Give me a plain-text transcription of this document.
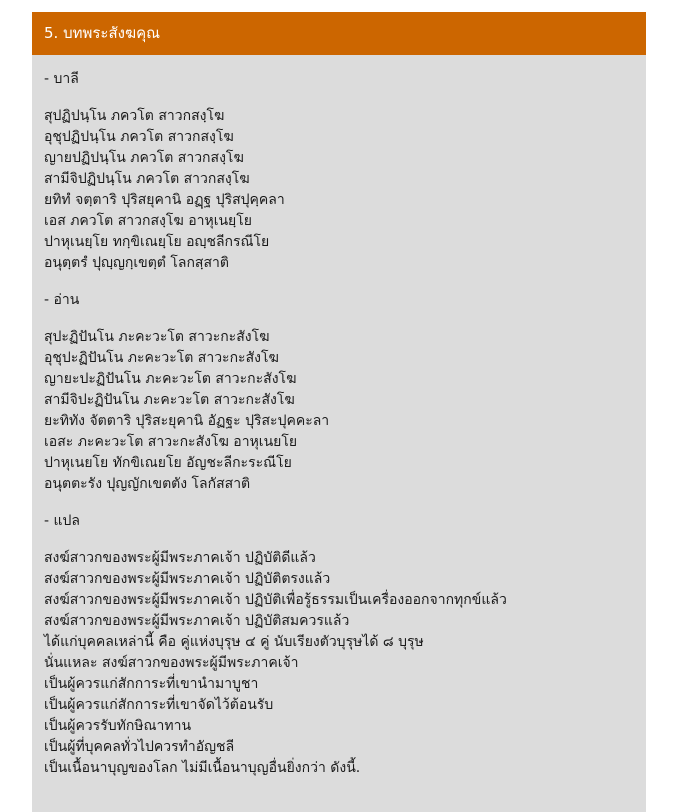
5. บทพระสังฆคุณ
- บาลี
สุปฏิปนฺโน ภควโต สาวกสงฺโฆ
อุชุปฏิปนฺโน ภควโต สาวกสงฺโฆ
ญายปฏิปนฺโน ภควโต สาวกสงฺโฆ
สามีจิปฏิปนฺโน ภควโต สาวกสงฺโฆ
ยทิทํ จตฺตาริ ปุริสยุคานิ อฏฺฐ ปุริสปุคฺคลา
เอส ภควโต สาวกสงฺโฆ อาหุเนยฺโย
ปาหุเนยฺโย ทกฺขิเณยฺโย อญฺชลีกรณีโย
อนุตฺตรํ ปุญฺญกฺเขตฺตํ โลกสฺสาติ
- อ่าน
สุปะฏิปันโน ภะคะวะโต สาวะกะสังโฆ
อุชุปะฏิปันโน ภะคะวะโต สาวะกะสังโฆ
ญายะปะฏิปันโน ภะคะวะโต สาวะกะสังโฆ
สามีจิปะฏิปันโน ภะคะวะโต สาวะกะสังโฆ
ยะทิทัง จัตตาริ ปุริสะยุคานิ อัฏฐะ ปุริสะปุคคะลา
เอสะ ภะคะวะโต สาวะกะสังโฆ อาหุเนยโย
ปาหุเนยโย ทักขิเณยโย อัญชะลีกะระณีโย
อนุตตะรัง ปุญญักเขตตัง โลกัสสาติ
- แปล
สงฆ์สาวกของพระผู้มีพระภาคเจ้า ปฏิบัติดีแล้ว
สงฆ์สาวกของพระผู้มีพระภาคเจ้า ปฏิบัติตรงแล้ว
สงฆ์สาวกของพระผู้มีพระภาคเจ้า ปฏิบัติเพื่อรู้ธรรมเป็นเครื่องออกจากทุกข์แล้ว
สงฆ์สาวกของพระผู้มีพระภาคเจ้า ปฏิบัติสมควรแล้ว
ได้แก่บุคคลเหล่านี้ คือ คู่แห่งบุรุษ ๔ คู่ นับเรียงตัวบุรุษได้ ๘ บุรุษ
นั่นแหละ สงฆ์สาวกของพระผู้มีพระภาคเจ้า
เป็นผู้ควรแก่สักการะที่เขานำมาบูชา
เป็นผู้ควรแก่สักการะที่เขาจัดไว้ต้อนรับ
เป็นผู้ควรรับทักษิณาทาน
เป็นผู้ที่บุคคลทั่วไปควรทำอัญชลี
เป็นเนื้อนาบุญของโลก ไม่มีเนื้อนาบุญอื่นยิ่งกว่า ดังนี้.
